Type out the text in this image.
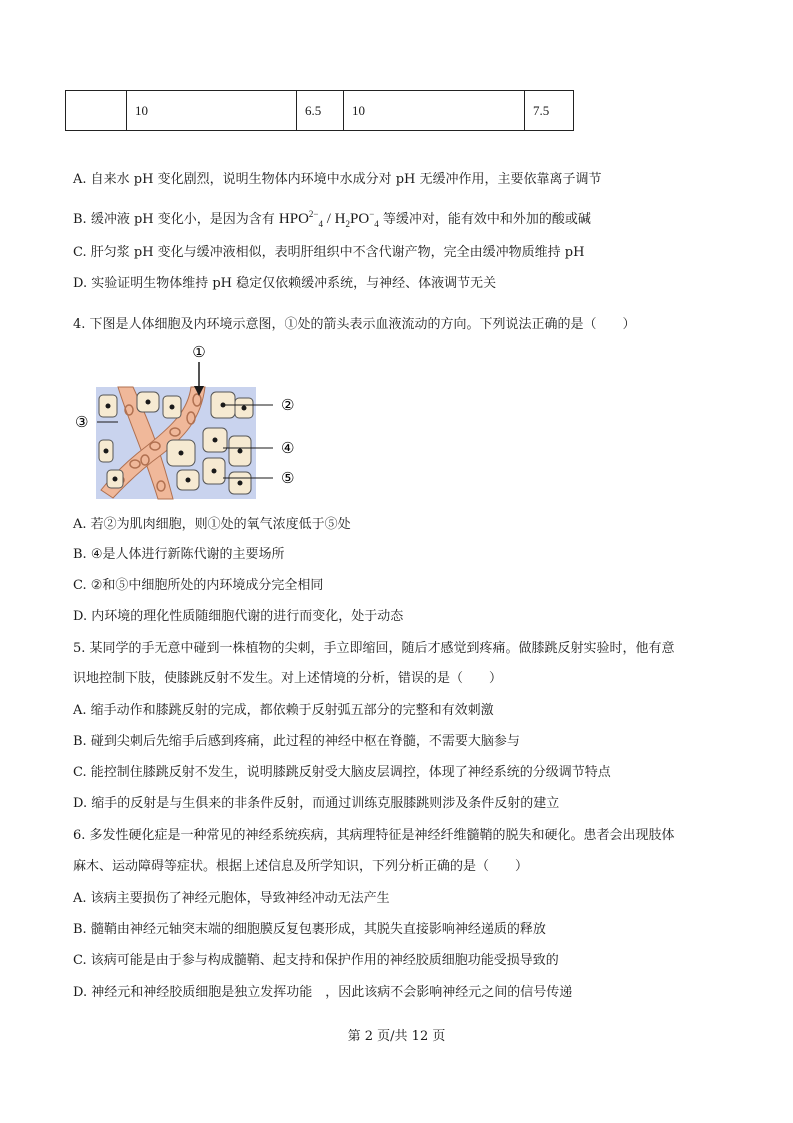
	10	6.5	10	7.5
A. 自来水 pH 变化剧烈，说明生物体内环境中水成分对 pH 无缓冲作用，主要依靠离子调节
B. 缓冲液 pH 变化小，是因为含有 $HPO^{2-}_4 / H_2PO^-_4$ 等缓冲对，能有效中和外加的酸或碱
C. 肝匀浆 pH 变化与缓冲液相似，表明肝组织中不含代谢产物，完全由缓冲物质维持 pH
D. 实验证明生物体维持 pH 稳定仅依赖缓冲系统，与神经、体液调节无关
4. 下图是人体细胞及内环境示意图，①处的箭头表示血液流动的方向。下列说法正确的是（　　）
①
②
③
④
⑤
A. 若②为肌肉细胞，则①处的氧气浓度低于⑤处
B. ④是人体进行新陈代谢的主要场所
C. ②和⑤中细胞所处的内环境成分完全相同
D. 内环境的理化性质随细胞代谢的进行而变化，处于动态
5. 某同学的手无意中碰到一株植物的尖刺，手立即缩回，随后才感觉到疼痛。做膝跳反射实验时，他有意
识地控制下肢，使膝跳反射不发生。对上述情境的分析，错误的是（　　）
A. 缩手动作和膝跳反射的完成，都依赖于反射弧五部分的完整和有效刺激
B. 碰到尖刺后先缩手后感到疼痛，此过程的神经中枢在脊髓，不需要大脑参与
C. 能控制住膝跳反射不发生，说明膝跳反射受大脑皮层调控，体现了神经系统的分级调节特点
D. 缩手的反射是与生俱来的非条件反射，而通过训练克服膝跳则涉及条件反射的建立
6. 多发性硬化症是一种常见的神经系统疾病，其病理特征是神经纤维髓鞘的脱失和硬化。患者会出现肢体
麻木、运动障碍等症状。根据上述信息及所学知识，下列分析正确的是（　　）
A. 该病主要损伤了神经元胞体，导致神经冲动无法产生
B. 髓鞘由神经元轴突末端的细胞膜反复包裹形成，其脱失直接影响神经递质的释放
C. 该病可能是由于参与构成髓鞘、起支持和保护作用的神经胶质细胞功能受损导致的
D. 神经元和神经胶质细胞是独立发挥功能　，因此该病不会影响神经元之间的信号传递
第 2 页/共 12 页
